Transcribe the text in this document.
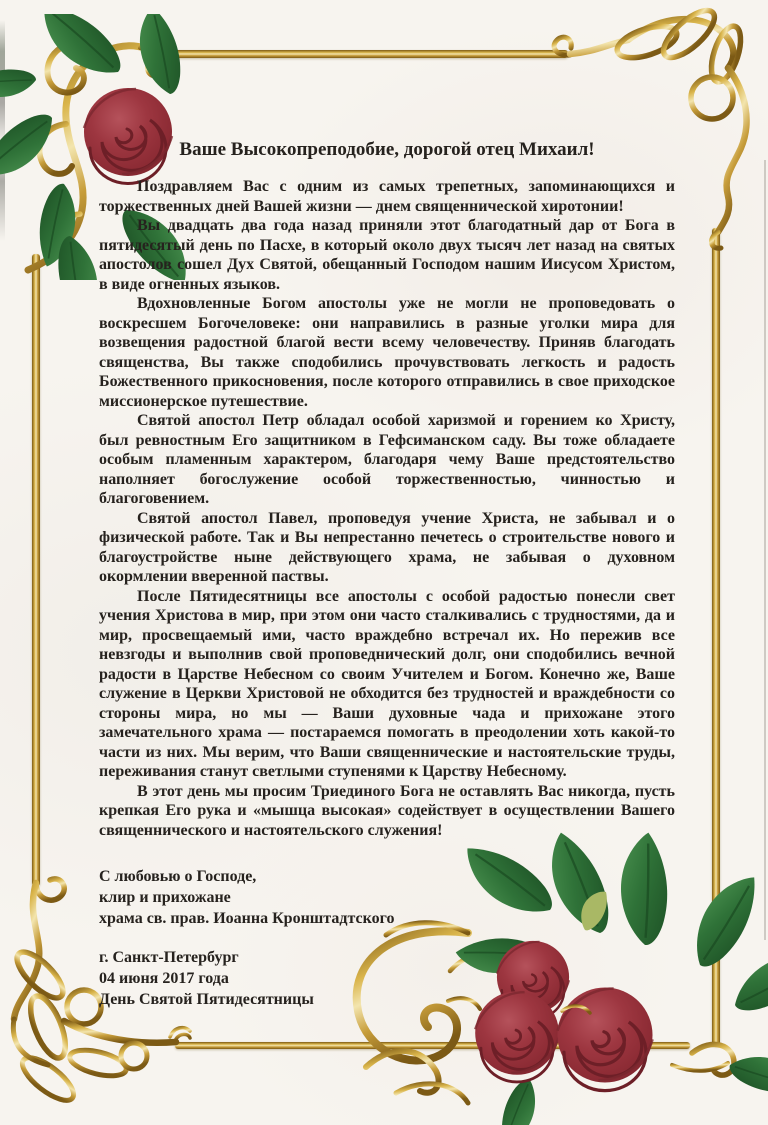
Ваше Высокопреподобие, дорогой отец Михаил!

Поздравляем Вас с одним из самых трепетных, запоминающихся и торжественных дней Вашей жизни — днем священнической хиротонии!

Вы двадцать два года назад приняли этот благодатный дар от Бога в пятидесятый день по Пасхе, в который около двух тысяч лет назад на святых апостолов сошел Дух Святой, обещанный Господом нашим Иисусом Христом, в виде огненных языков.

Вдохновленные Богом апостолы уже не могли не проповедовать о воскресшем Богочеловеке: они направились в разные уголки мира для возвещения радостной благой вести всему человечеству. Приняв благодать священства, Вы также сподобились прочувствовать легкость и радость Божественного прикосновения, после которого отправились в свое приходское миссионерское путешествие.

Святой апостол Петр обладал особой харизмой и горением ко Христу, был ревностным Его защитником в Гефсиманском саду. Вы тоже обладаете особым пламенным характером, благодаря чему Ваше предстоятельство наполняет богослужение особой торжественностью, чинностью и благоговением.

Святой апостол Павел, проповедуя учение Христа, не забывал и о физической работе. Так и Вы непрестанно печетесь о строительстве нового и благоустройстве ныне действующего храма, не забывая о духовном окормлении вверенной паствы.

После Пятидесятницы все апостолы с особой радостью понесли свет учения Христова в мир, при этом они часто сталкивались с трудностями, да и мир, просвещаемый ими, часто враждебно встречал их. Но пережив все невзгоды и выполнив свой проповеднический долг, они сподобились вечной радости в Царстве Небесном со своим Учителем и Богом. Конечно же, Ваше служение в Церкви Христовой не обходится без трудностей и враждебности со стороны мира, но мы — Ваши духовные чада и прихожане этого замечательного храма — постараемся помогать в преодолении хоть какой-то части из них. Мы верим, что Ваши священнические и настоятельские труды, переживания станут светлыми ступенями к Царству Небесному.

В этот день мы просим Триединого Бога не оставлять Вас никогда, пусть крепкая Его рука и «мышца высокая» содействует в осуществлении Вашего священнического и настоятельского служения!

С любовью о Господе,
клир и прихожане
храма св. прав. Иоанна Кронштадтского
г. Санкт-Петербург
04 июня 2017 года
День Святой Пятидесятницы
